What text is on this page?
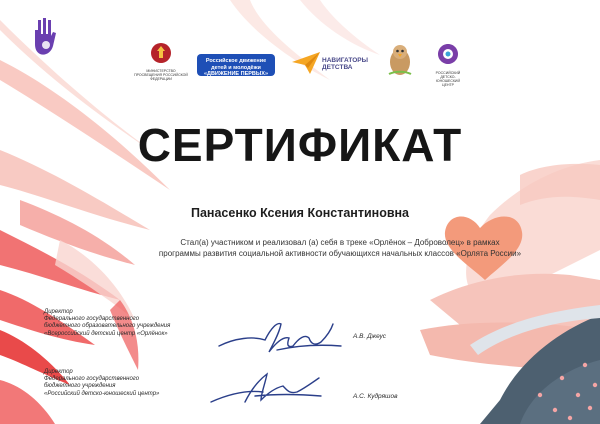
МИНИСТЕРСТВО ПРОСВЕЩЕНИЯ РОССИЙСКОЙ ФЕДЕРАЦИИ
Российское движение детей и молодёжи «ДВИЖЕНИЕ ПЕРВЫХ»
НАВИГАТОРЫ ДЕТСТВА
РОССИЙСКИЙ ДЕТСКО-ЮНОШЕСКИЙ ЦЕНТР
СЕРТИФИКАТ
Панасенко Ксения Константиновна
Стал(а) участником и реализовал (а) себя в треке «Орлёнок – Доброволец» в рамках
программы развития социальной активности обучающихся начальных классов «Орлята России»
Директор
Федерального государственного
бюджетного образовательного учреждения
«Всероссийский детский центр «Орлёнок»	А.В. Джеус
Директор
Федерального государственного
бюджетного учреждения
«Российский детско-юношеский центр»	А.С. Кудряшов
